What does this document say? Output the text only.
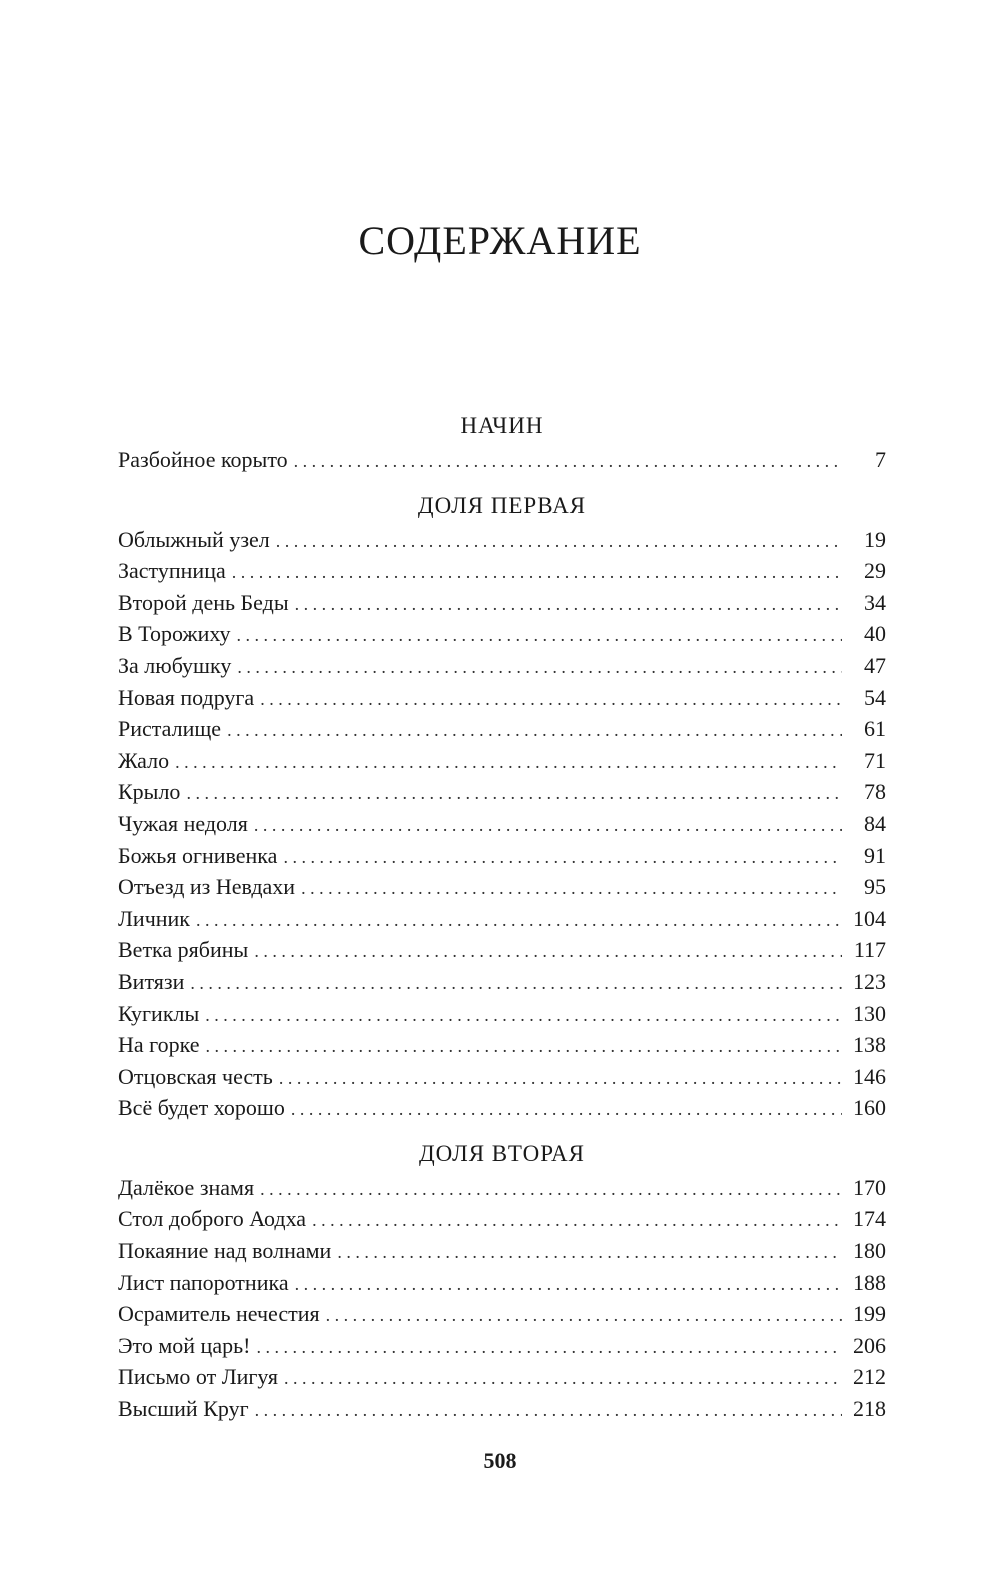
СОДЕРЖАНИЕ
НАЧИН
Разбойное корыто . . .	7
ДОЛЯ ПЕРВАЯ
Облыжный узел . . .	19
Заступница . . .	29
Второй день Беды . . .	34
В Торожиху . . .	40
За любушку . . .	47
Новая подруга . . .	54
Ристалище . . .	61
Жало . . .	71
Крыло . . .	78
Чужая недоля . . .	84
Божья огнивенка . . .	91
Отъезд из Невдахи . . .	95
Личник . . .	104
Ветка рябины . . .	117
Витязи . . .	123
Кугиклы . . .	130
На горке . . .	138
Отцовская честь . . .	146
Всё будет хорошо . . .	160
ДОЛЯ ВТОРАЯ
Далёкое знамя . . .	170
Стол доброго Аодха . . .	174
Покаяние над волнами . . .	180
Лист папоротника . . .	188
Осрамитель нечестия . . .	199
Это мой царь! . . .	206
Письмо от Лигуя . . .	212
Высший Круг . . .	218
508
